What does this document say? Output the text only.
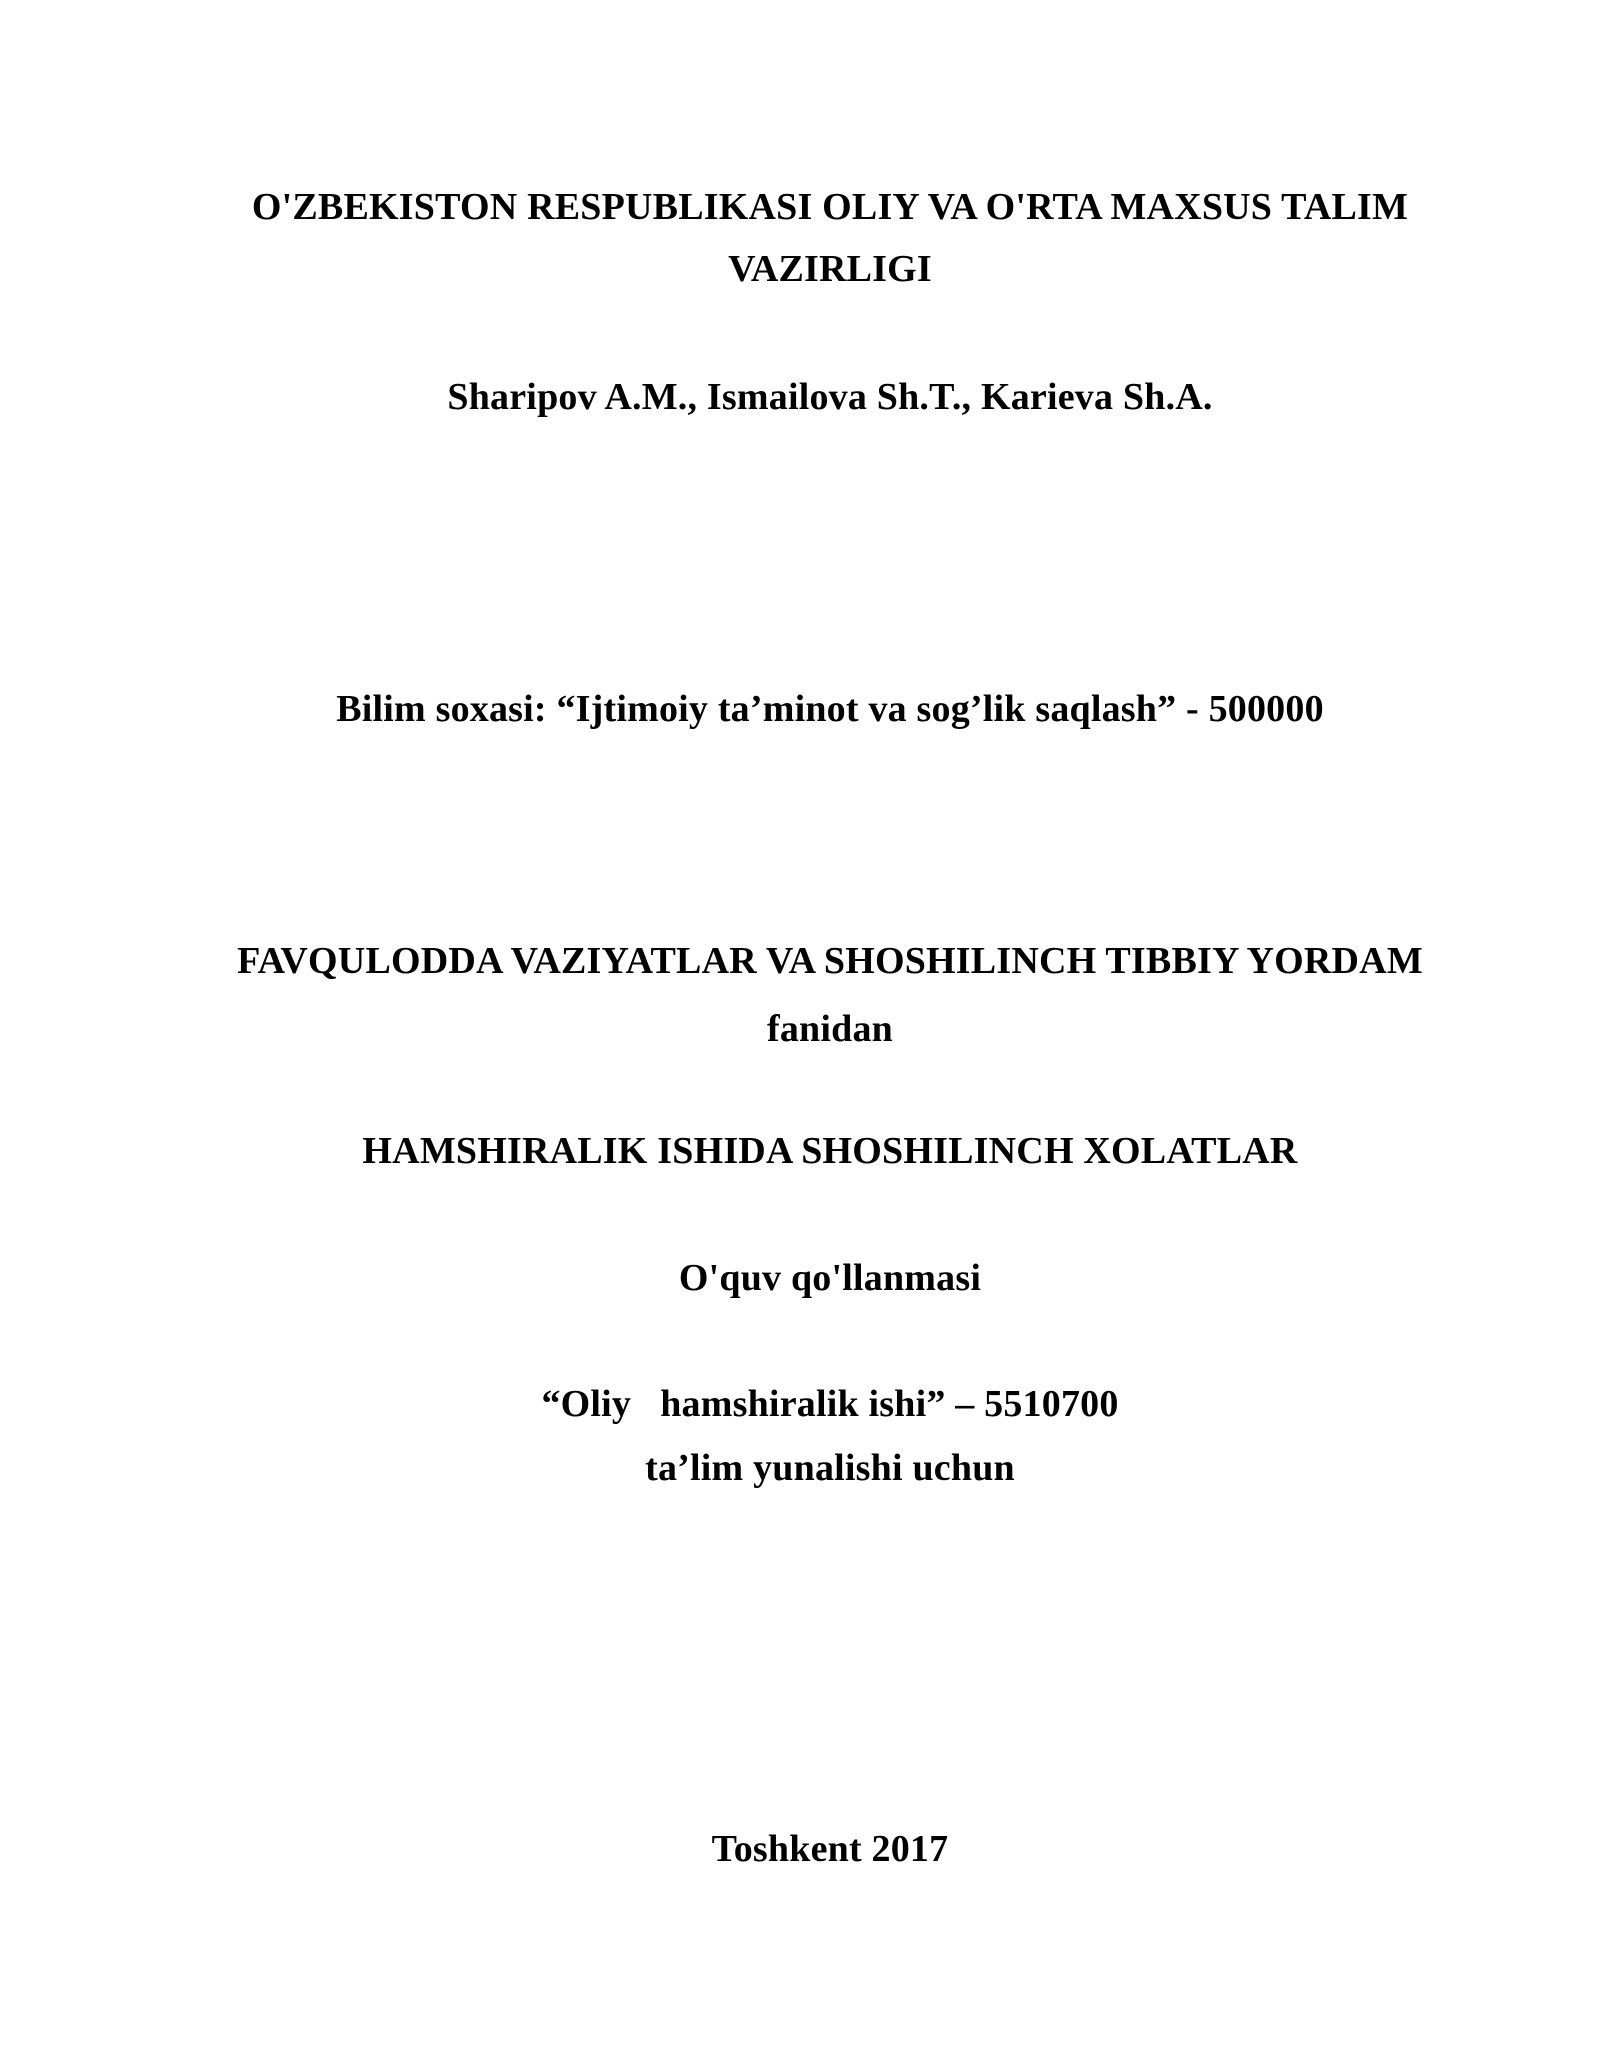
O'ZBEKISTON RESPUBLIKASI OLIY VA O'RTA MAXSUS TALIM
VAZIRLIGI
Sharipov A.M., Ismailova Sh.T., Karieva Sh.A.
Bilim soxasi: “Ijtimoiy ta’minot va sog’lik saqlash” - 500000
FAVQULODDA VAZIYATLAR VA SHOSHILINCH TIBBIY YORDAM
fanidan
HAMSHIRALIK ISHIDA SHOSHILINCH XOLATLAR
O'quv qo'llanmasi
“Oliy   hamshiralik ishi” – 5510700
ta’lim yunalishi uchun
Toshkent 2017
